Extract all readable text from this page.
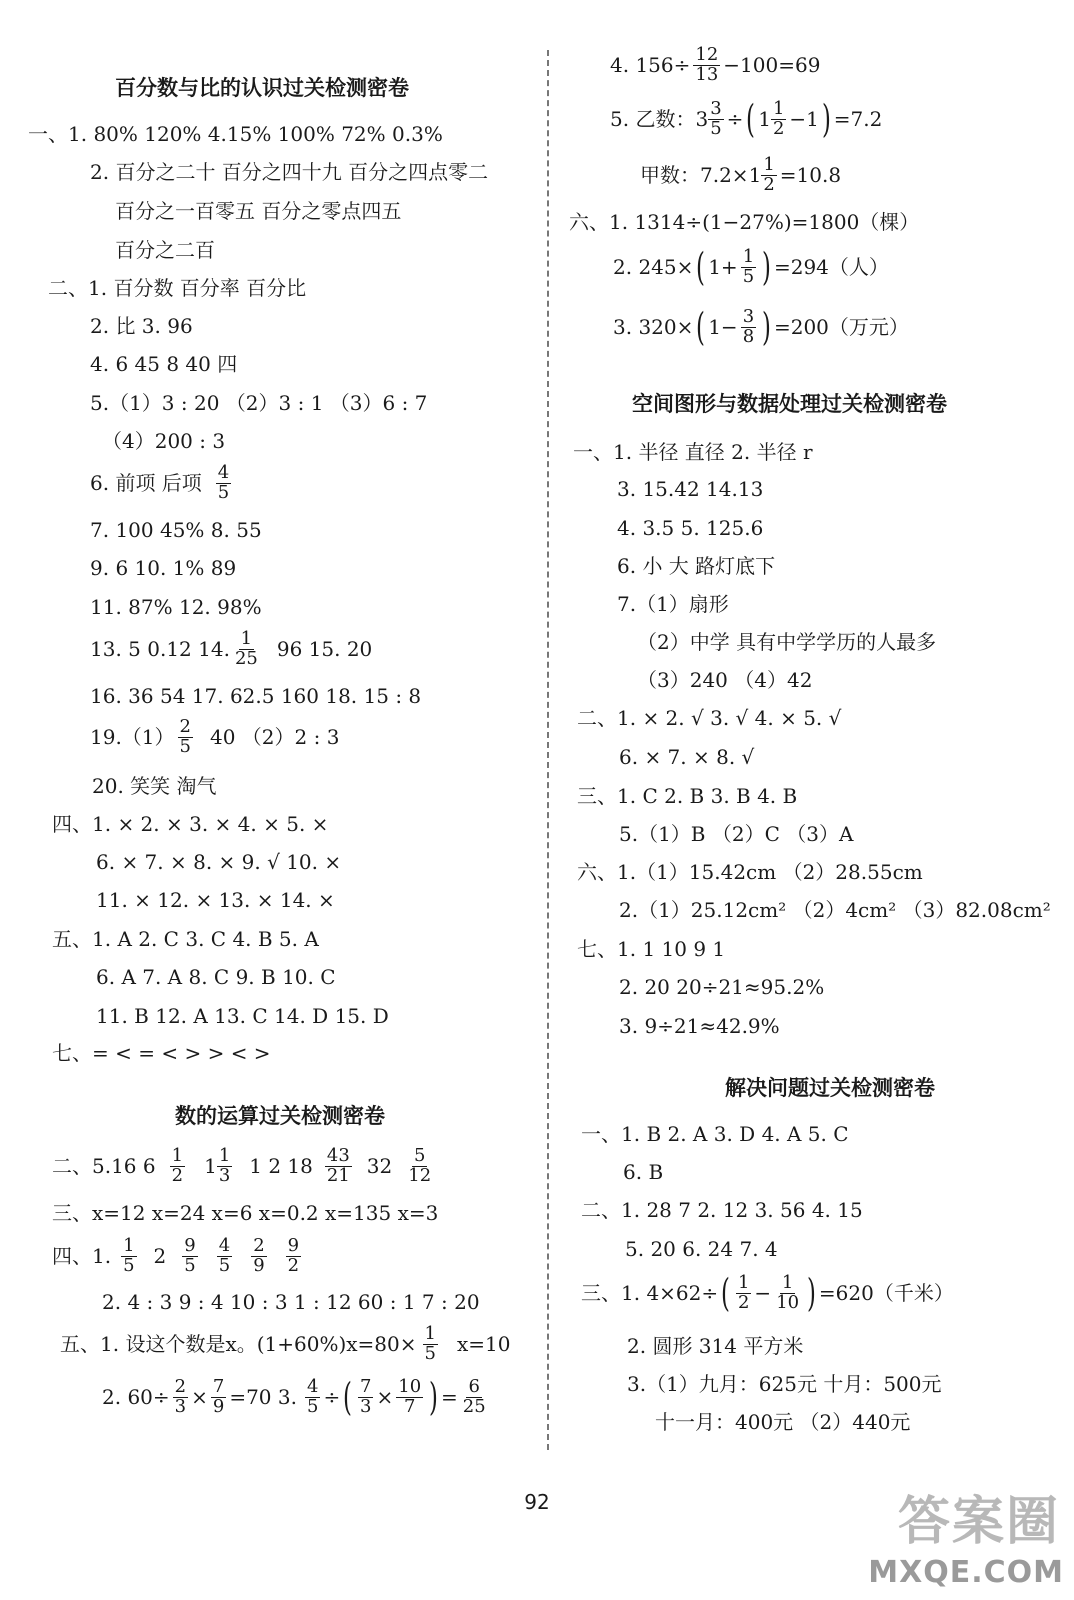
百分数与比的认识过关检测密卷
一、1. 80% 120% 4.15% 100% 72% 0.3%
2. 百分之二十 百分之四十九 百分之四点零二
百分之一百零五 百分之零点四五
百分之二百
二、1. 百分数 百分率 百分比
2. 比 3. 96
4. 6 45 8 40 四
5.（1）3 : 20 （2）3 : 1 （3）6 : 7
（4）200 : 3
6. 前项 后项 $\frac{4}{5}$
7. 100 45% 8. 55
9. 6 10. 1% 89
11. 87% 12. 98%
13. 5 0.12 14. $\frac{1}{25} 96$ 15. 20
16. 36 54 17. 62.5 160 18. 15 : 8
$19.(1) \frac{2}{5} 40$ （2）2 : 3
20. 笑笑 淘气
四、1. × 2. × 3. × 4. × 5. ×
6. × 7. × 8. × 9. √ 10. ×
11. × 12. × 13. × 14. ×
五、1. A 2. C 3. C 4. B 5. A
6. A 7. A 8. C 9. B 10. C
11. B 12. A 13. C 14. D 15. D
七、= < = < > > < >
数的运算过关检测密卷
二、5.16 $6 \frac{1}{2} 1 \frac{1}{3} 1$ 2 $18 \frac{43}{21} 32 \frac{5}{12}$
三、x=12 x=24 x=6 x=0.2 x=135 x=3
四、1. $\frac{1}{5} 2 \frac{9}{5} \frac{4}{5} \frac{2}{9} \frac{9}{2}$
2. 4 : 3 9 : 4 10 : 3 1 : 12 60 : 1 7 : 20
五、1. 设这个数是x。$(1+60\%)x=80\times \frac{1}{5} x=10$
2. $60\div \frac{2}{3} \times \frac{7}{9} =70$ 3. $\frac{4}{5}$ ÷ ( $\frac{7}{3} \times \frac{10}{7}$ ) = $\frac{6}{25}$
4. $156\div \frac{12}{13} -100=69$
5. 乙数： $3 \frac{3}{5}$ ÷ ( $1 \frac{1}{2} -1$ ) =7.2
甲数：$7.2\times 1 \frac{1}{2} =10.8$
六、1. 1314÷(1−27%)=1800（棵）
2. 245× ( $1+ \frac{1}{5}$ ) =294（人）
3. 320× ( $1- \frac{3}{8}$ ) =200（万元）
空间图形与数据处理过关检测密卷
一、1. 半径 直径 2. 半径 r
3. 15.42 14.13
4. 3.5 5. 125.6
6. 小 大 路灯底下
7.（1）扇形
（2）中学 具有中学学历的人最多
（3）240 （4）42
二、1. × 2. √ 3. √ 4. × 5. √
6. × 7. × 8. √
三、1. C 2. B 3. B 4. B
5.（1）B （2）C （3）A
六、1.（1）15.42cm （2）28.55cm
2.（1）25.12cm² （2）4cm² （3）82.08cm²
七、1. 1 10 9 1
2. 20 20÷21≈95.2%
3. 9÷21≈42.9%
解决问题过关检测密卷
一、1. B 2. A 3. D 4. A 5. C
6. B
二、1. 28 7 2. 12 3. 56 4. 15
5. 20 6. 24 7. 4
三、1. 4×62÷ ( $\frac{1}{2} - \frac{1}{10}$ ) =620（千米）
2. 圆形 314 平方米
3.（1）九月：625元 十月：500元
十一月：400元 （2）440元
92	答案圈
MXQE.COM
